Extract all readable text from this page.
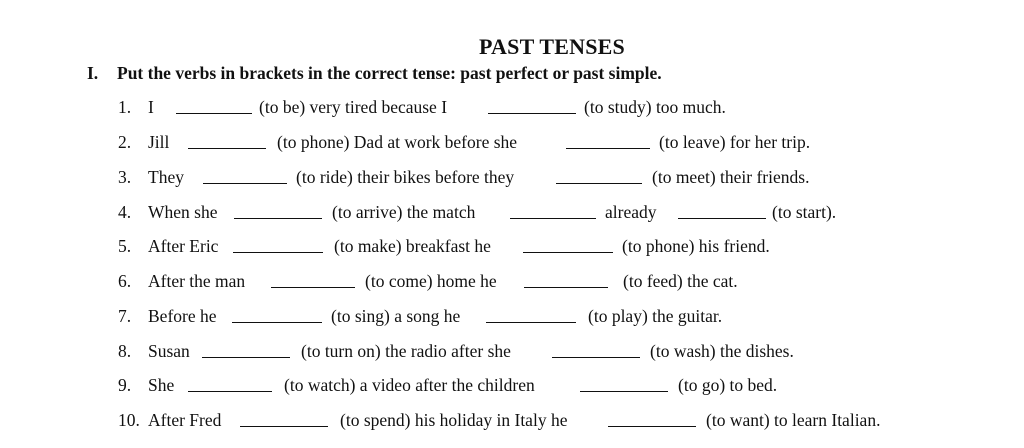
PAST TENSES
I. Put the verbs in brackets in the correct tense: past perfect or past simple.
1. I	(to be) very tired because I	(to study) too much.
2. Jill	(to phone) Dad at work before she	(to leave) for her trip.
3. They	(to ride) their bikes before they	(to meet) their friends.
4. When she	(to arrive) the match	already	(to start).
5. After Eric	(to make) breakfast he	(to phone) his friend.
6. After the man	(to come) home he	(to feed) the cat.
7. Before he	(to sing) a song he	(to play) the guitar.
8. Susan	(to turn on) the radio after she	(to wash) the dishes.
9. She	(to watch) a video after the children	(to go) to bed.
10. After Fred	(to spend) his holiday in Italy he	(to want) to learn Italian.
